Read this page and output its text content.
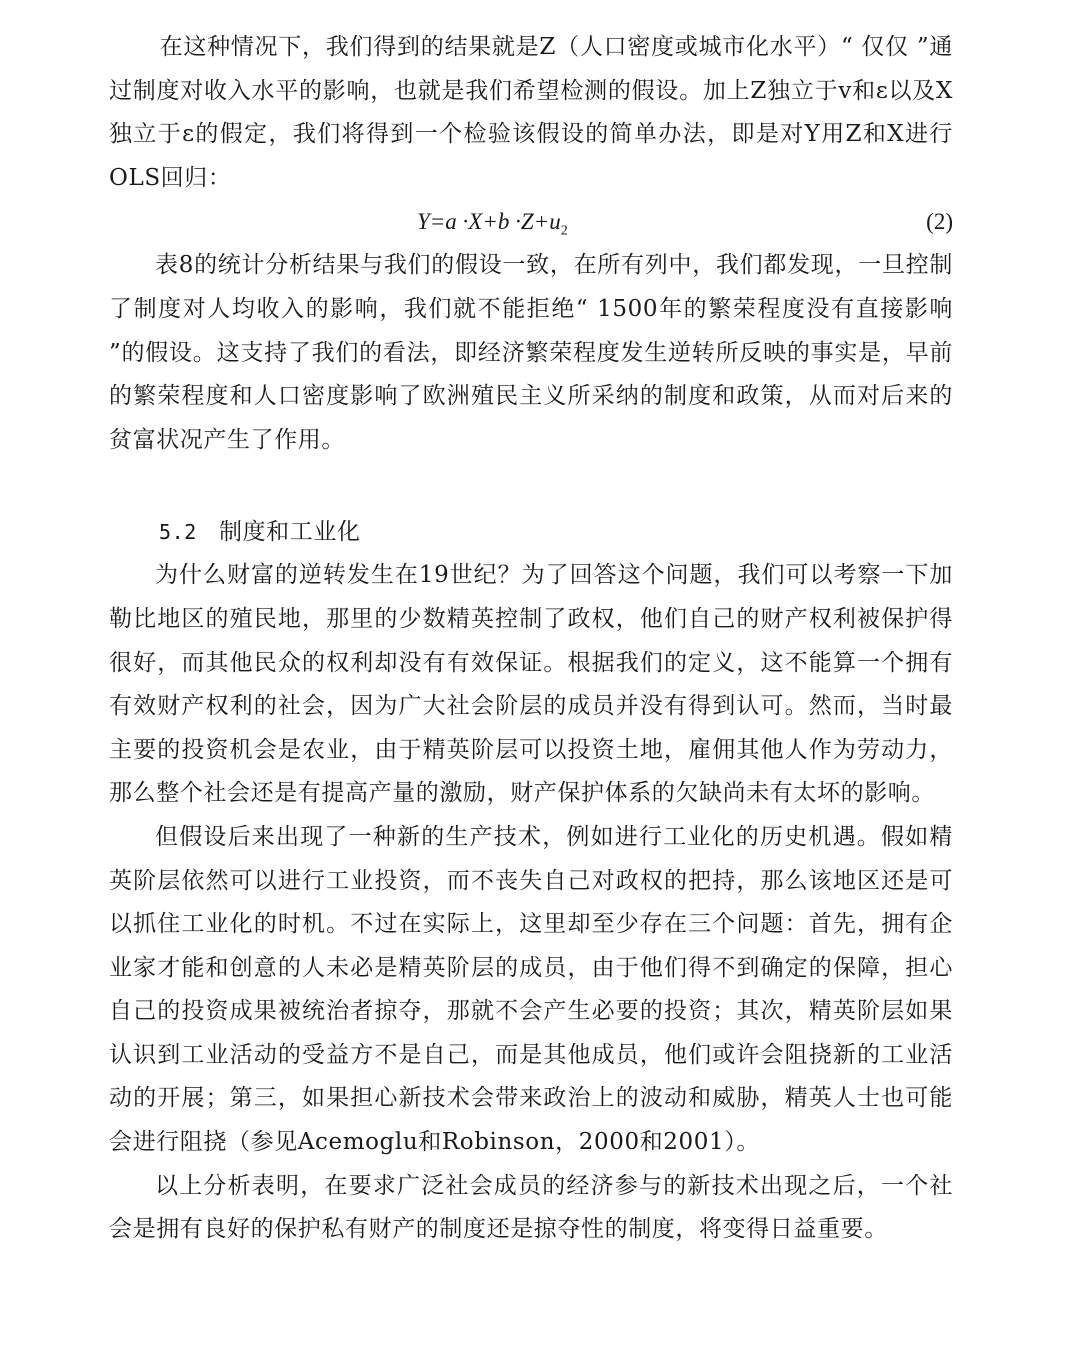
在这种情况下，我们得到的结果就是Z（人口密度或城市化水平）“ 仅仅 ”通过制度对收入水平的影响，也就是我们希望检测的假设。加上Z独立于v和ε以及X独立于ε的假定，我们将得到一个检验该假设的简单办法，即是对Y用Z和X进行OLS回归：

$Y=a \cdot X+b \cdot Z+u_2$	(2)

表8的统计分析结果与我们的假设一致，在所有列中，我们都发现，一旦控制了制度对人均收入的影响，我们就不能拒绝“ 1500年的繁荣程度没有直接影响 ”的假设。这支持了我们的看法，即经济繁荣程度发生逆转所反映的事实是，早前的繁荣程度和人口密度影响了欧洲殖民主义所采纳的制度和政策，从而对后来的贫富状况产生了作用。

5.2 制度和工业化

为什么财富的逆转发生在19世纪？为了回答这个问题，我们可以考察一下加勒比地区的殖民地，那里的少数精英控制了政权，他们自己的财产权利被保护得很好，而其他民众的权利却没有有效保证。根据我们的定义，这不能算一个拥有有效财产权利的社会，因为广大社会阶层的成员并没有得到认可。然而，当时最主要的投资机会是农业，由于精英阶层可以投资土地，雇佣其他人作为劳动力，那么整个社会还是有提高产量的激励，财产保护体系的欠缺尚未有太坏的影响。

但假设后来出现了一种新的生产技术，例如进行工业化的历史机遇。假如精英阶层依然可以进行工业投资，而不丧失自己对政权的把持，那么该地区还是可以抓住工业化的时机。不过在实际上，这里却至少存在三个问题：首先，拥有企业家才能和创意的人未必是精英阶层的成员，由于他们得不到确定的保障，担心自己的投资成果被统治者掠夺，那就不会产生必要的投资；其次，精英阶层如果认识到工业活动的受益方不是自己，而是其他成员，他们或许会阻挠新的工业活动的开展；第三，如果担心新技术会带来政治上的波动和威胁，精英人士也可能会进行阻挠（参见Acemoglu和Robinson，2000和2001）。

以上分析表明，在要求广泛社会成员的经济参与的新技术出现之后，一个社会是拥有良好的保护私有财产的制度还是掠夺性的制度，将变得日益重要。
